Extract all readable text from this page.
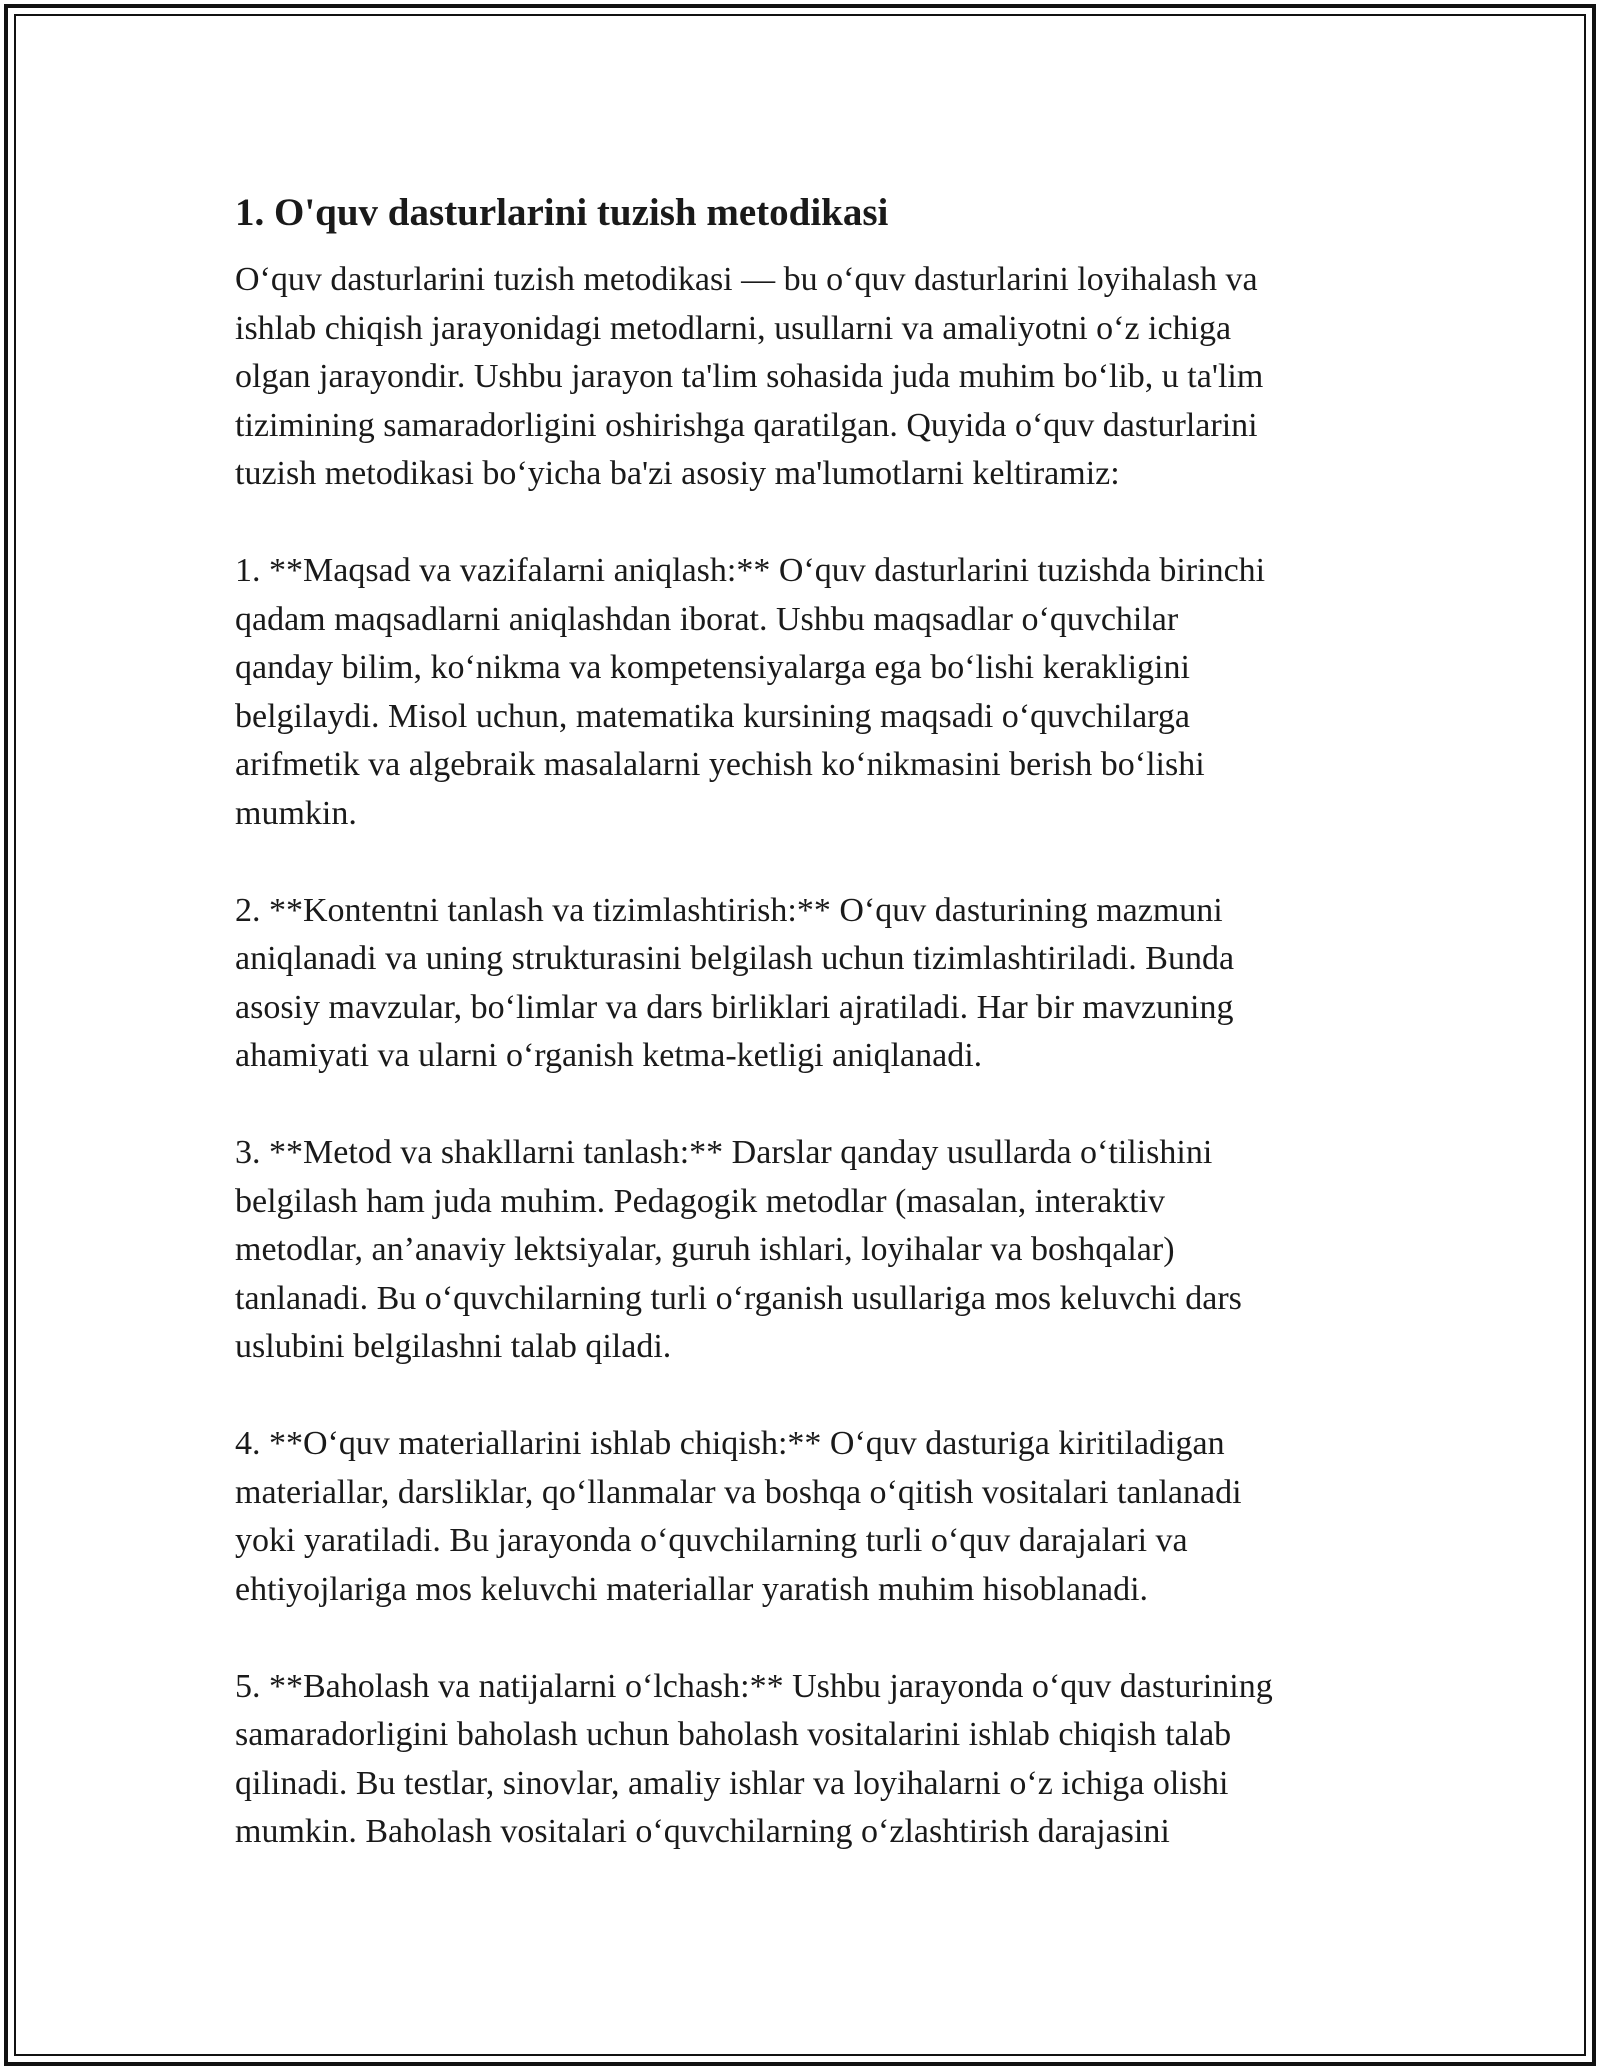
1. O'quv dasturlarini tuzish metodikasi

O‘quv dasturlarini tuzish metodikasi — bu o‘quv dasturlarini loyihalash va
ishlab chiqish jarayonidagi metodlarni, usullarni va amaliyotni o‘z ichiga
olgan jarayondir. Ushbu jarayon ta'lim sohasida juda muhim bo‘lib, u ta'lim
tizimining samaradorligini oshirishga qaratilgan. Quyida o‘quv dasturlarini
tuzish metodikasi bo‘yicha ba'zi asosiy ma'lumotlarni keltiramiz:

1. **Maqsad va vazifalarni aniqlash:** O‘quv dasturlarini tuzishda birinchi
qadam maqsadlarni aniqlashdan iborat. Ushbu maqsadlar o‘quvchilar
qanday bilim, ko‘nikma va kompetensiyalarga ega bo‘lishi kerakligini
belgilaydi. Misol uchun, matematika kursining maqsadi o‘quvchilarga
arifmetik va algebraik masalalarni yechish ko‘nikmasini berish bo‘lishi
mumkin.

2. **Kontentni tanlash va tizimlashtirish:** O‘quv dasturining mazmuni
aniqlanadi va uning strukturasini belgilash uchun tizimlashtiriladi. Bunda
asosiy mavzular, bo‘limlar va dars birliklari ajratiladi. Har bir mavzuning
ahamiyati va ularni o‘rganish ketma-ketligi aniqlanadi.

3. **Metod va shakllarni tanlash:** Darslar qanday usullarda o‘tilishini
belgilash ham juda muhim. Pedagogik metodlar (masalan, interaktiv
metodlar, an’anaviy lektsiyalar, guruh ishlari, loyihalar va boshqalar)
tanlanadi. Bu o‘quvchilarning turli o‘rganish usullariga mos keluvchi dars
uslubini belgilashni talab qiladi.

4. **O‘quv materiallarini ishlab chiqish:** O‘quv dasturiga kiritiladigan
materiallar, darsliklar, qo‘llanmalar va boshqa o‘qitish vositalari tanlanadi
yoki yaratiladi. Bu jarayonda o‘quvchilarning turli o‘quv darajalari va
ehtiyojlariga mos keluvchi materiallar yaratish muhim hisoblanadi.

5. **Baholash va natijalarni o‘lchash:** Ushbu jarayonda o‘quv dasturining
samaradorligini baholash uchun baholash vositalarini ishlab chiqish talab
qilinadi. Bu testlar, sinovlar, amaliy ishlar va loyihalarni o‘z ichiga olishi
mumkin. Baholash vositalari o‘quvchilarning o‘zlashtirish darajasini
